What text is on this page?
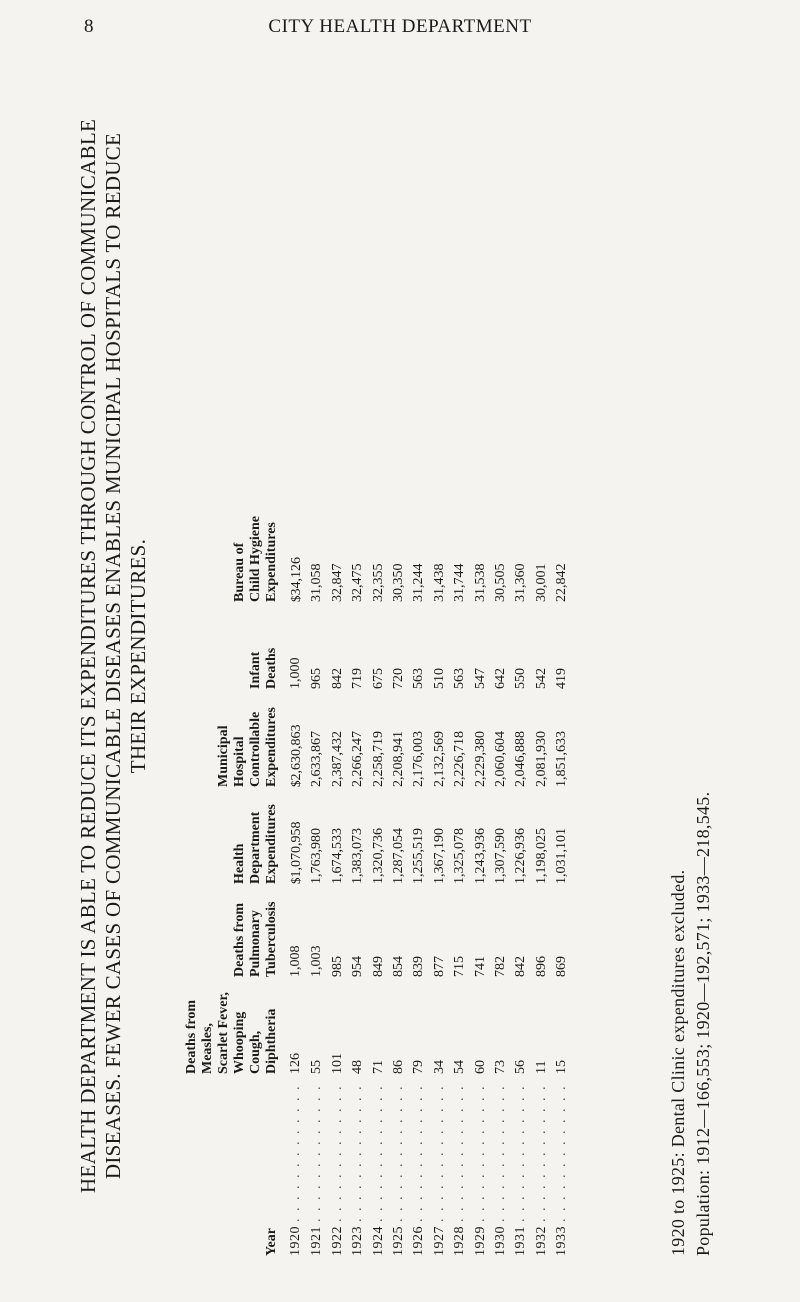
8	CITY HEALTH DEPARTMENT
HEALTH DEPARTMENT IS ABLE TO REDUCE ITS EXPENDITURES THROUGH CONTROL OF COMMUNICABLE DISEASES. FEWER CASES OF COMMUNICABLE DISEASES ENABLES MUNICIPAL HOSPITALS TO REDUCE THEIR EXPENDITURES.
Year	Deaths from Measles, Scarlet Fever, Whooping Cough, Diphtheria	Deaths from Pulmonary Tuberculosis	Health Department Expenditures	Municipal Hospital Controllable Expenditures	Infant Deaths	Bureau of Child Hygiene Expenditures

1920 . . . . . . . . . . . . .	126	1,008	$1,070,958	$2,630,863	1,000	$34,126
1921 . . . . . . . . . . . . .	55	1,003	1,763,980	2,633,867	965	31,058
1922 . . . . . . . . . . . . .	101	985	1,674,533	2,387,432	842	32,847
1923 . . . . . . . . . . . . .	48	954	1,383,073	2,266,247	719	32,475
1924 . . . . . . . . . . . . .	71	849	1,320,736	2,258,719	675	32,355
1925 . . . . . . . . . . . . .	86	854	1,287,054	2,208,941	720	30,350
1926 . . . . . . . . . . . . .	79	839	1,255,519	2,176,003	563	31,244
1927 . . . . . . . . . . . . .	34	877	1,367,190	2,132,569	510	31,438
1928 . . . . . . . . . . . . .	54	715	1,325,078	2,226,718	563	31,744
1929 . . . . . . . . . . . . .	60	741	1,243,936	2,229,380	547	31,538
1930 . . . . . . . . . . . . .	73	782	1,307,590	2,060,604	642	30,505
1931 . . . . . . . . . . . . .	56	842	1,226,936	2,046,888	550	31,360
1932 . . . . . . . . . . . . .	11	896	1,198,025	2,081,930	542	30,001
1933 . . . . . . . . . . . . .	15	869	1,031,101	1,851,633	419	22,842
1920 to 1925: Dental Clinic expenditures excluded. Population: 1912—166,553; 1920—192,571; 1933—218,545.
